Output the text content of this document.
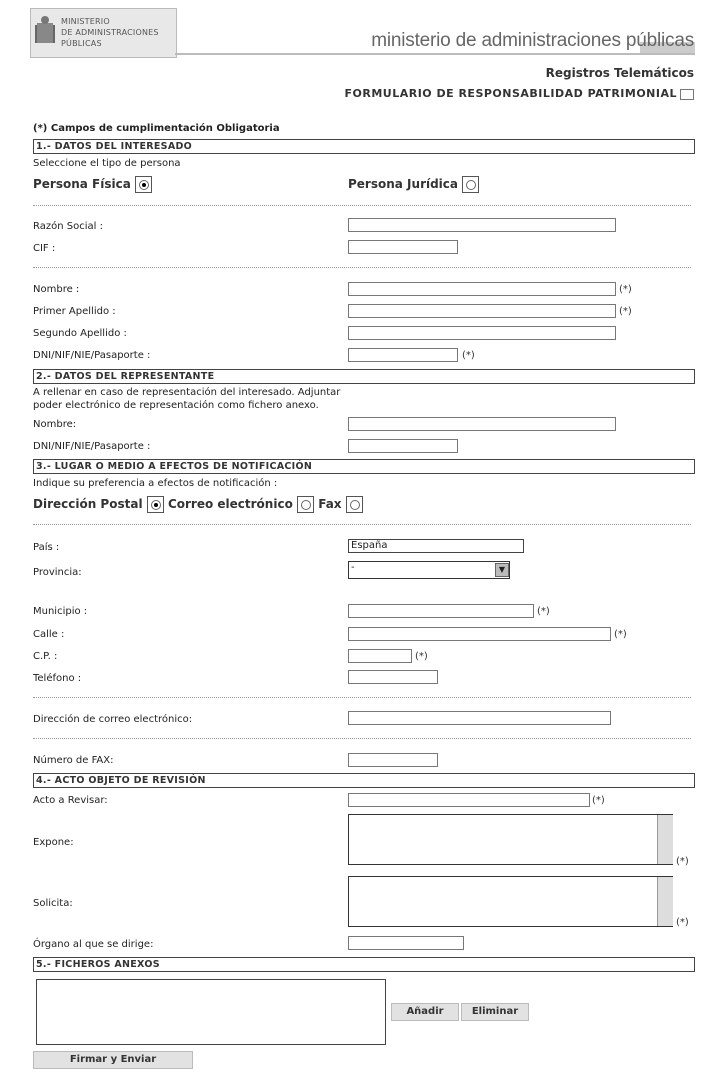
MINISTERIO
DE ADMINISTRACIONES
PÚBLICAS	ministerio de administraciones públicas
Registros Telemáticos
FORMULARIO DE RESPONSABILIDAD PATRIMONIAL
(*) Campos de cumplimentación Obligatoria
1.- DATOS DEL INTERESADO
Seleccione el tipo de persona
Persona Física	Persona Jurídica
Razón Social :
CIF :
Nombre :	(*)
Primer Apellido :	(*)
Segundo Apellido :
DNI/NIF/NIE/Pasaporte :	(*)
2.- DATOS DEL REPRESENTANTE
A rellenar en caso de representación del interesado. Adjuntar
poder electrónico de representación como fichero anexo.
Nombre:
DNI/NIF/NIE/Pasaporte :
3.- LUGAR O MEDIO A EFECTOS DE NOTIFICACIÓN
Indique su preferencia a efectos de notificación :
Dirección Postal Correo electrónico Fax
País :	España
Provincia:	-	▼
Municipio :	(*)
Calle :	(*)
C.P. :	(*)
Teléfono :
Dirección de correo electrónico:
Número de FAX:
4.- ACTO OBJETO DE REVISIÓN
Acto a Revisar:	(*)
Expone:
(*)
Solicita:
(*)
Órgano al que se dirige:
5.- FICHEROS ANEXOS
Añadir	Eliminar
Firmar y Enviar
